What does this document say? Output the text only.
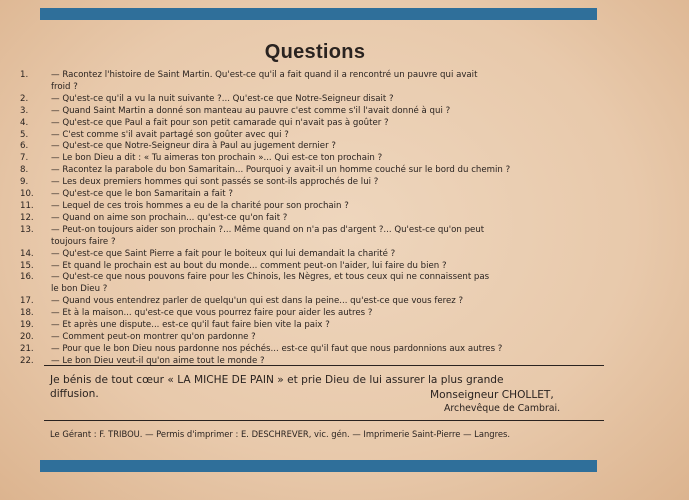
Questions
1.	— Racontez l'histoire de Saint Martin. Qu'est-ce qu'il a fait quand il a rencontré un pauvre qui avait
froid ?
2.	— Qu'est-ce qu'il a vu la nuit suivante ?... Qu'est-ce que Notre-Seigneur disait ?
3.	— Quand Saint Martin a donné son manteau au pauvre c'est comme s'il l'avait donné à qui ?
4.	— Qu'est-ce que Paul a fait pour son petit camarade qui n'avait pas à goûter ?
5.	— C'est comme s'il avait partagé son goûter avec qui ?
6.	— Qu'est-ce que Notre-Seigneur dira à Paul au jugement dernier ?
7.	— Le bon Dieu a dit : « Tu aimeras ton prochain »... Qui est-ce ton prochain ?
8.	— Racontez la parabole du bon Samaritain... Pourquoi y avait-il un homme couché sur le bord du chemin ?
9.	— Les deux premiers hommes qui sont passés se sont-ils approchés de lui ?
10.	— Qu'est-ce que le bon Samaritain a fait ?
11.	— Lequel de ces trois hommes a eu de la charité pour son prochain ?
12.	— Quand on aime son prochain... qu'est-ce qu'on fait ?
13.	— Peut-on toujours aider son prochain ?... Même quand on n'a pas d'argent ?... Qu'est-ce qu'on peut
toujours faire ?
14.	— Qu'est-ce que Saint Pierre a fait pour le boiteux qui lui demandait la charité ?
15.	— Et quand le prochain est au bout du monde... comment peut-on l'aider, lui faire du bien ?
16.	— Qu'est-ce que nous pouvons faire pour les Chinois, les Nègres, et tous ceux qui ne connaissent pas
le bon Dieu ?
17.	— Quand vous entendrez parler de quelqu'un qui est dans la peine... qu'est-ce que vous ferez ?
18.	— Et à la maison... qu'est-ce que vous pourrez faire pour aider les autres ?
19.	— Et après une dispute... est-ce qu'il faut faire bien vite la paix ?
20.	— Comment peut-on montrer qu'on pardonne ?
21.	— Pour que le bon Dieu nous pardonne nos péchés... est-ce qu'il faut que nous pardonnions aux autres ?
22.	— Le bon Dieu veut-il qu'on aime tout le monde ?
Je bénis de tout cœur « LA MICHE DE PAIN » et prie Dieu de lui assurer la plus grande
diffusion.	Monseigneur CHOLLET,
Archevêque de Cambrai.
Le Gérant : F. TRIBOU. — Permis d'imprimer : E. DESCHREVER, vic. gén. — Imprimerie Saint-Pierre — Langres.
